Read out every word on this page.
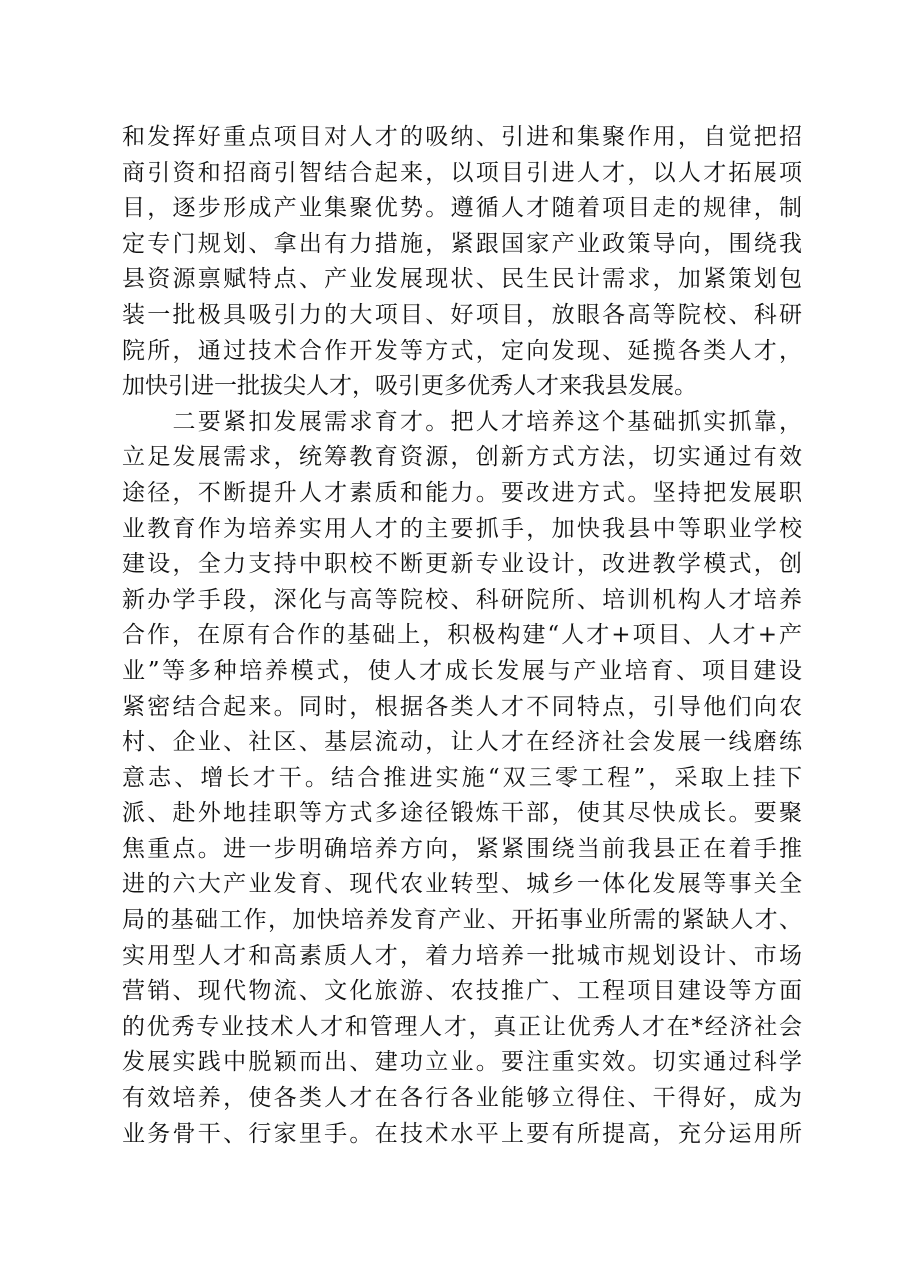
和发挥好重点项目对人才的吸纳、引进和集聚作用，自觉把招
商引资和招商引智结合起来，以项目引进人才，以人才拓展项
目，逐步形成产业集聚优势。遵循人才随着项目走的规律，制
定专门规划、拿出有力措施，紧跟国家产业政策导向，围绕我
县资源禀赋特点、产业发展现状、民生民计需求，加紧策划包
装一批极具吸引力的大项目、好项目，放眼各高等院校、科研
院所，通过技术合作开发等方式，定向发现、延揽各类人才，
加快引进一批拔尖人才，吸引更多优秀人才来我县发展。
　　二要紧扣发展需求育才。把人才培养这个基础抓实抓靠，
立足发展需求，统筹教育资源，创新方式方法，切实通过有效
途径，不断提升人才素质和能力。要改进方式。坚持把发展职
业教育作为培养实用人才的主要抓手，加快我县中等职业学校
建设，全力支持中职校不断更新专业设计，改进教学模式，创
新办学手段，深化与高等院校、科研院所、培训机构人才培养
合作，在原有合作的基础上，积极构建“人才+项目、人才+产
业”等多种培养模式，使人才成长发展与产业培育、项目建设
紧密结合起来。同时，根据各类人才不同特点，引导他们向农
村、企业、社区、基层流动，让人才在经济社会发展一线磨练
意志、增长才干。结合推进实施“双三零工程”，采取上挂下
派、赴外地挂职等方式多途径锻炼干部，使其尽快成长。要聚
焦重点。进一步明确培养方向，紧紧围绕当前我县正在着手推
进的六大产业发育、现代农业转型、城乡一体化发展等事关全
局的基础工作，加快培养发育产业、开拓事业所需的紧缺人才、
实用型人才和高素质人才，着力培养一批城市规划设计、市场
营销、现代物流、文化旅游、农技推广、工程项目建设等方面
的优秀专业技术人才和管理人才，真正让优秀人才在*经济社会
发展实践中脱颖而出、建功立业。要注重实效。切实通过科学
有效培养，使各类人才在各行各业能够立得住、干得好，成为
业务骨干、行家里手。在技术水平上要有所提高，充分运用所
